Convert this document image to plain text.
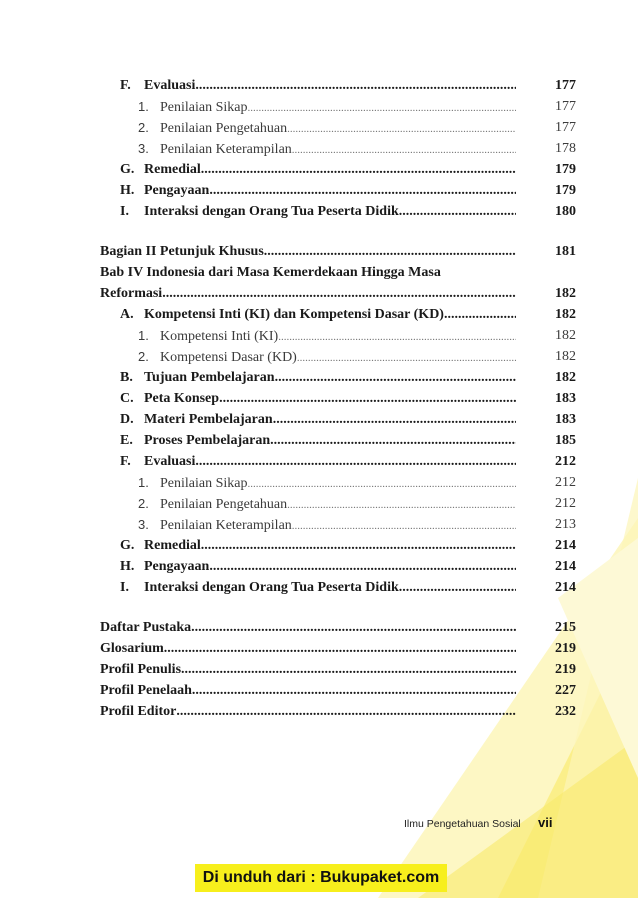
F. Evaluasi .....	177
1. Penilaian Sikap .....	177
2. Penilaian Pengetahuan .....	177
3. Penilaian Keterampilan .....	178
G. Remedial .....	179
H. Pengayaan .....	179
I.	Interaksi dengan Orang Tua Peserta Didik .....	180
Bagian II Petunjuk Khusus .....	181
Bab IV Indonesia dari Masa Kemerdekaan Hingga Masa
Reformasi .....	182
A. Kompetensi Inti (KI) dan Kompetensi Dasar (KD) .....	182
1. Kompetensi Inti (KI) .....	182
2. Kompetensi Dasar (KD) .....	182
B. Tujuan Pembelajaran .....	182
C. Peta Konsep .....	183
D. Materi Pembelajaran .....	183
E. Proses Pembelajaran .....	185
F. Evaluasi .....	212
1. Penilaian Sikap .....	212
2. Penilaian Pengetahuan .....	212
3. Penilaian Keterampilan .....	213
G. Remedial .....	214
H. Pengayaan .....	214
I.	Interaksi dengan Orang Tua Peserta Didik .....	214
Daftar Pustaka .....	215
Glosarium .....	219
Profil Penulis .....	219
Profil Penelaah .....	227
Profil Editor .....	232
Ilmu Pengetahuan Sosial vii
Di unduh dari : Bukupaket.com
